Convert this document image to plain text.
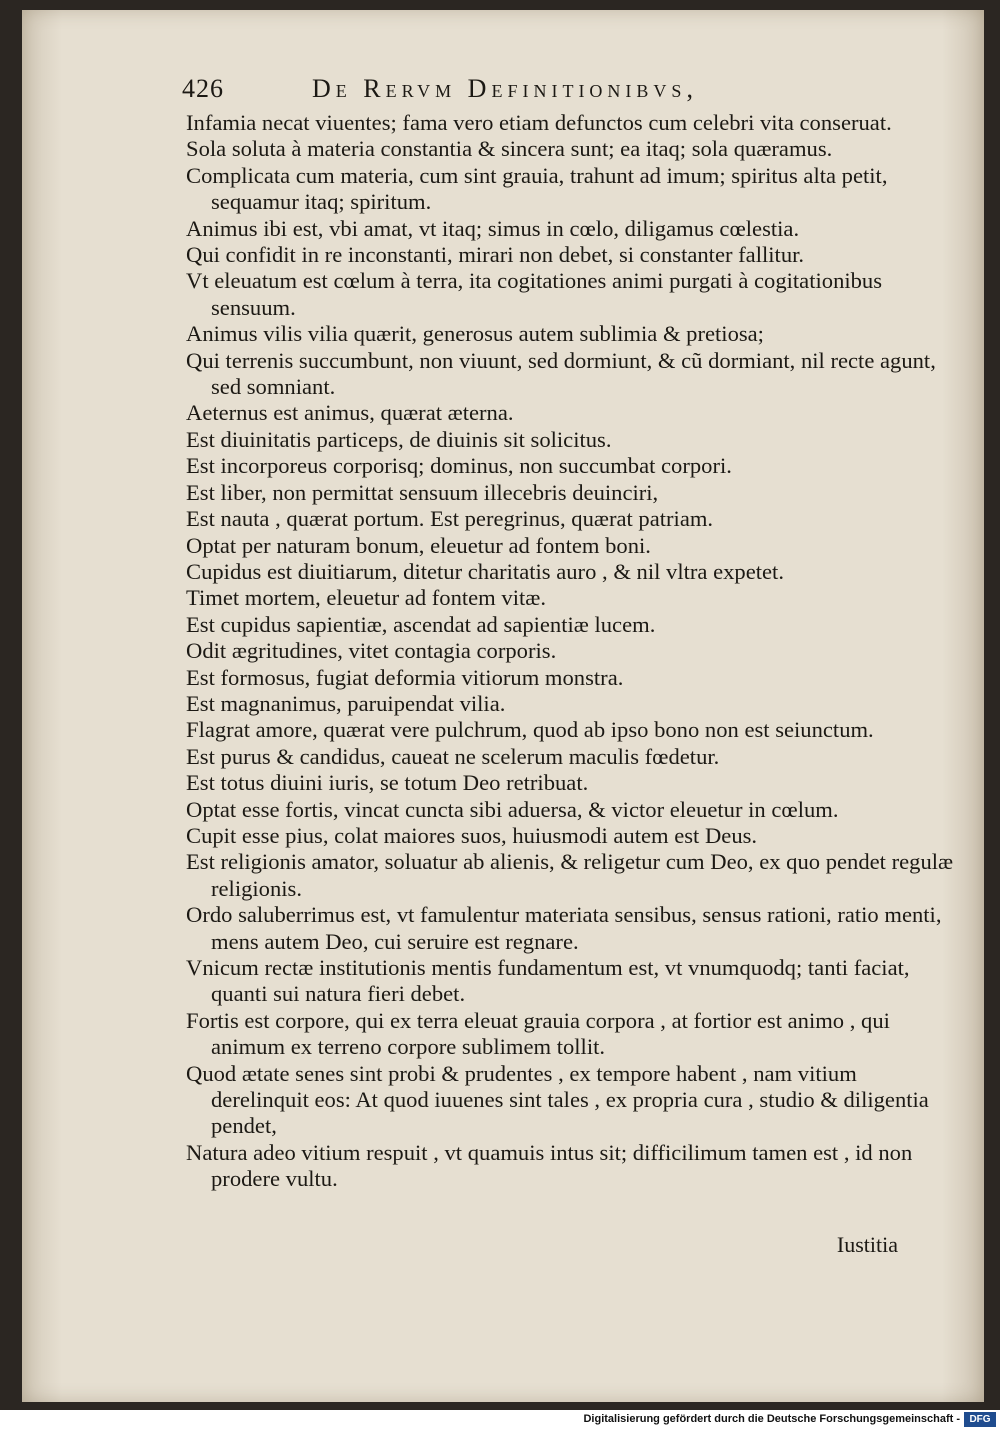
426	De Rervm Definitionibvs,
Infamia necat viuentes; fama vero etiam defunctos cum celebri vita conseruat.
Sola soluta à materia constantia & sincera sunt; ea itaq; sola quæramus.
Complicata cum materia, cum sint grauia, trahunt ad imum; spiritus alta petit, sequamur itaq; spiritum.
Animus ibi est, vbi amat, vt itaq; simus in cœlo, diligamus cœlestia.
Qui confidit in re inconstanti, mirari non debet, si constanter fallitur.
Vt eleuatum est cœlum à terra, ita cogitationes animi purgati à cogitationibus sensuum.
Animus vilis vilia quærit, generosus autem sublimia & pretiosa;
Qui terrenis succumbunt, non viuunt, sed dormiunt, & cũ dormiant, nil recte agunt, sed somniant.
Aeternus est animus, quærat æterna.
Est diuinitatis particeps, de diuinis sit solicitus.
Est incorporeus corporisq; dominus, non succumbat corpori.
Est liber, non permittat sensuum illecebris deuinciri,
Est nauta , quærat portum. Est peregrinus, quærat patriam.
Optat per naturam bonum, eleuetur ad fontem boni.
Cupidus est diuitiarum, ditetur charitatis auro , & nil vltra expetet.
Timet mortem, eleuetur ad fontem vitæ.
Est cupidus sapientiæ, ascendat ad sapientiæ lucem.
Odit ægritudines, vitet contagia corporis.
Est formosus, fugiat deformia vitiorum monstra.
Est magnanimus, paruipendat vilia.
Flagrat amore, quærat vere pulchrum, quod ab ipso bono non est seiunctum.
Est purus & candidus, caueat ne scelerum maculis fœdetur.
Est totus diuini iuris, se totum Deo retribuat.
Optat esse fortis, vincat cuncta sibi aduersa, & victor eleuetur in cœlum.
Cupit esse pius, colat maiores suos, huiusmodi autem est Deus.
Est religionis amator, soluatur ab alienis, & religetur cum Deo, ex quo pendet regulæ religionis.
Ordo saluberrimus est, vt famulentur materiata sensibus, sensus rationi, ratio menti, mens autem Deo, cui seruire est regnare.
Vnicum rectæ institutionis mentis fundamentum est, vt vnumquodq; tanti faciat, quanti sui natura fieri debet.
Fortis est corpore, qui ex terra eleuat grauia corpora , at fortior est animo , qui animum ex terreno corpore sublimem tollit.
Quod ætate senes sint probi & prudentes , ex tempore habent , nam vitium derelinquit eos: At quod iuuenes sint tales , ex propria cura , studio & diligentia pendet,
Natura adeo vitium respuit , vt quamuis intus sit; difficilimum tamen est , id non prodere vultu.
Iustitia
Digitalisierung gefördert durch die Deutsche Forschungsgemeinschaft - DFG
